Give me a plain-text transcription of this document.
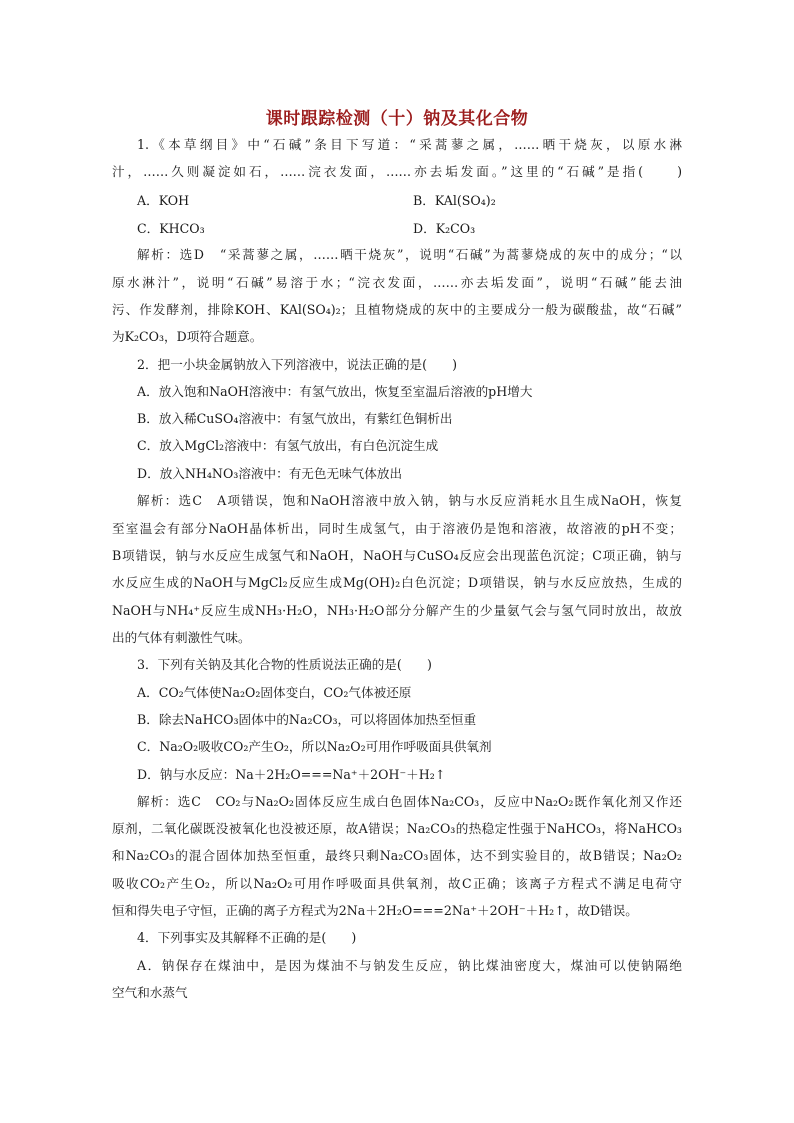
课时跟踪检测（十）钠及其化合物
1.《本草纲目》中“石碱”条目下写道：“采蒿蓼之属，……晒干烧灰，以原水淋
汁，……久则凝淀如石，……浣衣发面，……亦去垢发面。”这里的“石碱”是指(　　)
A．KOH	B．KAl(SO₄)₂
C．KHCO₃	D．K₂CO₃
解析：选D　“采蒿蓼之属，……晒干烧灰”，说明“石碱”为蒿蓼烧成的灰中的成分；“以
原水淋汁”，说明“石碱”易溶于水；“浣衣发面，……亦去垢发面”，说明“石碱”能去油
污、作发酵剂，排除KOH、KAl(SO₄)₂；且植物烧成的灰中的主要成分一般为碳酸盐，故“石碱”
为K₂CO₃，D项符合题意。
2．把一小块金属钠放入下列溶液中，说法正确的是(　　)
A．放入饱和NaOH溶液中：有氢气放出，恢复至室温后溶液的pH增大
B．放入稀CuSO₄溶液中：有氢气放出，有紫红色铜析出
C．放入MgCl₂溶液中：有氢气放出，有白色沉淀生成
D．放入NH₄NO₃溶液中：有无色无味气体放出
解析：选C　A项错误，饱和NaOH溶液中放入钠，钠与水反应消耗水且生成NaOH，恢复
至室温会有部分NaOH晶体析出，同时生成氢气，由于溶液仍是饱和溶液，故溶液的pH不变；
B项错误，钠与水反应生成氢气和NaOH，NaOH与CuSO₄反应会出现蓝色沉淀；C项正确，钠与
水反应生成的NaOH与MgCl₂反应生成Mg(OH)₂白色沉淀；D项错误，钠与水反应放热，生成的
NaOH与NH₄⁺反应生成NH₃·H₂O，NH₃·H₂O部分分解产生的少量氨气会与氢气同时放出，故放
出的气体有刺激性气味。
3．下列有关钠及其化合物的性质说法正确的是(　　)
A．CO₂气体使Na₂O₂固体变白，CO₂气体被还原
B．除去NaHCO₃固体中的Na₂CO₃，可以将固体加热至恒重
C．Na₂O₂吸收CO₂产生O₂，所以Na₂O₂可用作呼吸面具供氧剂
D．钠与水反应：Na＋2H₂O===Na⁺＋2OH⁻＋H₂↑
解析：选C　CO₂与Na₂O₂固体反应生成白色固体Na₂CO₃，反应中Na₂O₂既作氧化剂又作还
原剂，二氧化碳既没被氧化也没被还原，故A错误；Na₂CO₃的热稳定性强于NaHCO₃，将NaHCO₃
和Na₂CO₃的混合固体加热至恒重，最终只剩Na₂CO₃固体，达不到实验目的，故B错误；Na₂O₂
吸收CO₂产生O₂，所以Na₂O₂可用作呼吸面具供氧剂，故C正确；该离子方程式不满足电荷守
恒和得失电子守恒，正确的离子方程式为2Na＋2H₂O===2Na⁺＋2OH⁻＋H₂↑，故D错误。
4．下列事实及其解释不正确的是(　　)
A．钠保存在煤油中，是因为煤油不与钠发生反应，钠比煤油密度大，煤油可以使钠隔绝
空气和水蒸气
